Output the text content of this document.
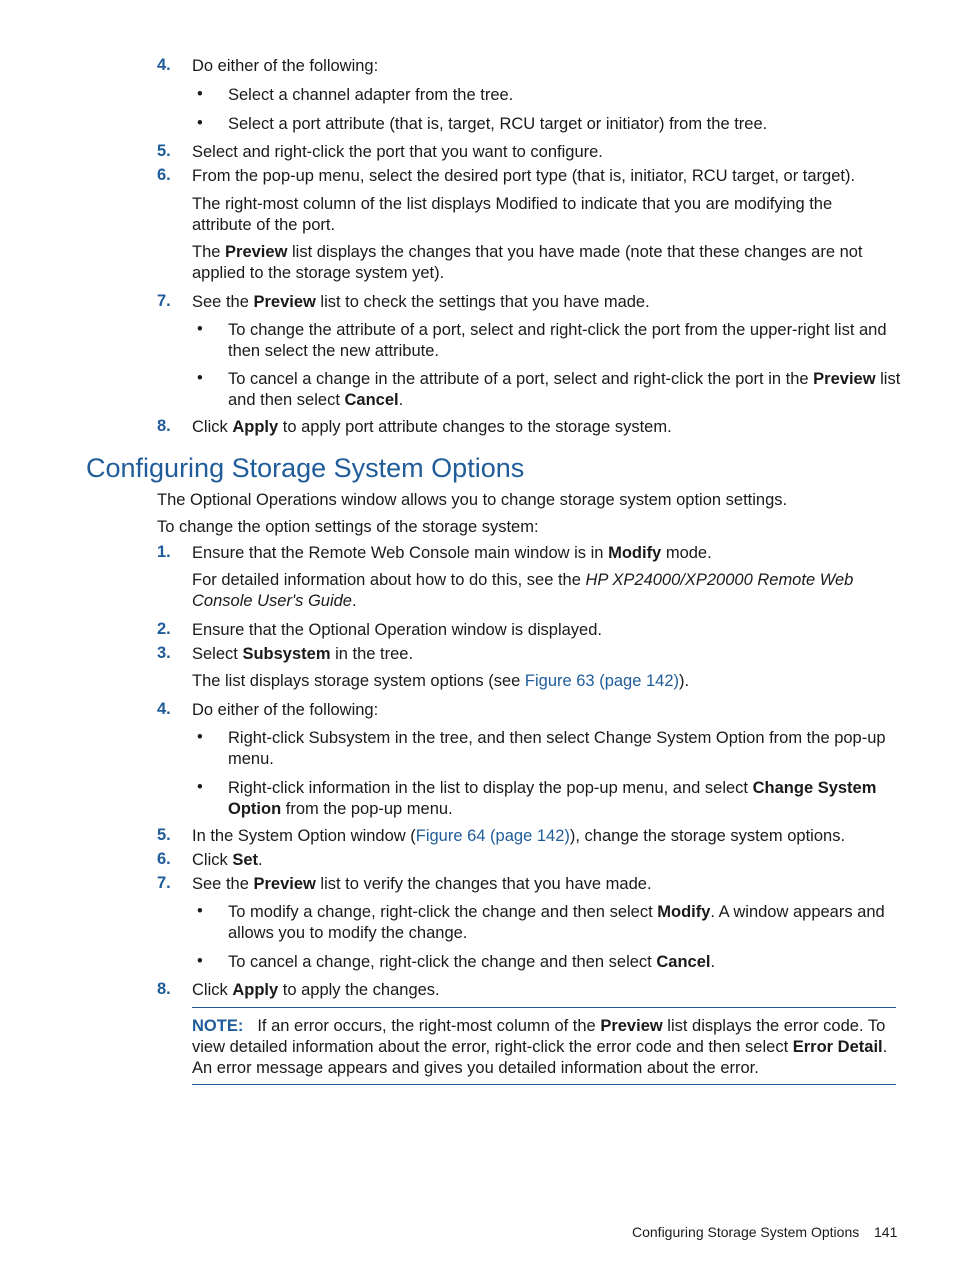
4. Do either of the following:
• Select a channel adapter from the tree.
• Select a port attribute (that is, target, RCU target or initiator) from the tree.
5. Select and right-click the port that you want to configure.
6. From the pop-up menu, select the desired port type (that is, initiator, RCU target, or target).
The right-most column of the list displays Modified to indicate that you are modifying the attribute of the port.
The Preview list displays the changes that you have made (note that these changes are not applied to the storage system yet).
7. See the Preview list to check the settings that you have made.
• To change the attribute of a port, select and right-click the port from the upper-right list and then select the new attribute.
• To cancel a change in the attribute of a port, select and right-click the port in the Preview list and then select Cancel.
8. Click Apply to apply port attribute changes to the storage system.
Configuring Storage System Options
The Optional Operations window allows you to change storage system option settings.
To change the option settings of the storage system:
1. Ensure that the Remote Web Console main window is in Modify mode.
For detailed information about how to do this, see the HP XP24000/XP20000 Remote Web Console User's Guide.
2. Ensure that the Optional Operation window is displayed.
3. Select Subsystem in the tree.
The list displays storage system options (see Figure 63 (page 142)).
4. Do either of the following:
• Right-click Subsystem in the tree, and then select Change System Option from the pop-up menu.
• Right-click information in the list to display the pop-up menu, and select Change System Option from the pop-up menu.
5. In the System Option window (Figure 64 (page 142)), change the storage system options.
6. Click Set.
7. See the Preview list to verify the changes that you have made.
• To modify a change, right-click the change and then select Modify. A window appears and allows you to modify the change.
• To cancel a change, right-click the change and then select Cancel.
8. Click Apply to apply the changes.
NOTE: If an error occurs, the right-most column of the Preview list displays the error code. To view detailed information about the error, right-click the error code and then select Error Detail. An error message appears and gives you detailed information about the error.
Configuring Storage System Options 141
